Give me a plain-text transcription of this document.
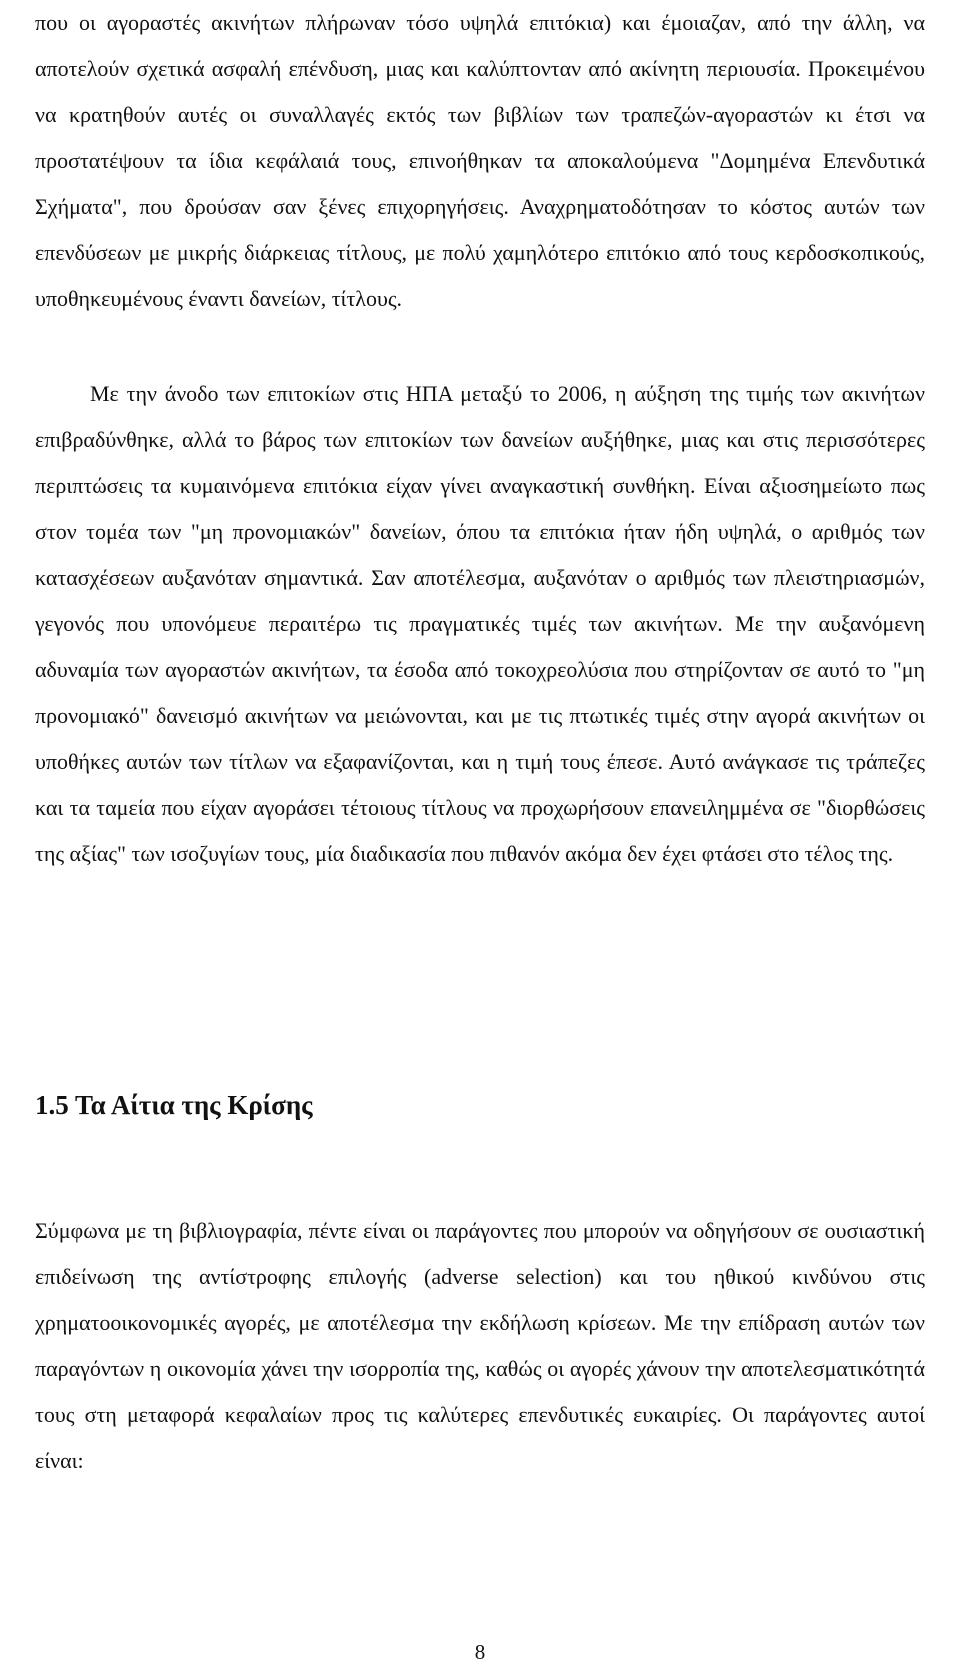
που οι αγοραστές ακινήτων πλήρωναν τόσο υψηλά επιτόκια) και έμοιαζαν, από την άλλη, να αποτελούν σχετικά ασφαλή επένδυση, μιας και καλύπτονταν από ακίνητη περιουσία. Προκειμένου να κρατηθούν αυτές οι συναλλαγές εκτός των βιβλίων των τραπεζών-αγοραστών κι έτσι να προστατέψουν τα ίδια κεφάλαιά τους, επινοήθηκαν τα αποκαλούμενα "Δομημένα Επενδυτικά Σχήματα", που δρούσαν σαν ξένες επιχορηγήσεις. Αναχρηματοδότησαν το κόστος αυτών των επενδύσεων με μικρής διάρκειας τίτλους, με πολύ χαμηλότερο επιτόκιο από τους κερδοσκοπικούς, υποθηκευμένους έναντι δανείων, τίτλους.

Με την άνοδο των επιτοκίων στις ΗΠΑ μεταξύ το 2006, η αύξηση της τιμής των ακινήτων επιβραδύνθηκε, αλλά το βάρος των επιτοκίων των δανείων αυξήθηκε, μιας και στις περισσότερες περιπτώσεις τα κυμαινόμενα επιτόκια είχαν γίνει αναγκαστική συνθήκη. Είναι αξιοσημείωτο πως στον τομέα των "μη προνομιακών" δανείων, όπου τα επιτόκια ήταν ήδη υψηλά, ο αριθμός των κατασχέσεων αυξανόταν σημαντικά. Σαν αποτέλεσμα, αυξανόταν ο αριθμός των πλειστηριασμών, γεγονός που υπονόμευε περαιτέρω τις πραγματικές τιμές των ακινήτων. Με την αυξανόμενη αδυναμία των αγοραστών ακινήτων, τα έσοδα από τοκοχρεολύσια που στηρίζονταν σε αυτό το "μη προνομιακό" δανεισμό ακινήτων να μειώνονται, και με τις πτωτικές τιμές στην αγορά ακινήτων οι υποθήκες αυτών των τίτλων να εξαφανίζονται, και η τιμή τους έπεσε. Αυτό ανάγκασε τις τράπεζες και τα ταμεία που είχαν αγοράσει τέτοιους τίτλους να προχωρήσουν επανειλημμένα σε "διορθώσεις της αξίας" των ισοζυγίων τους, μία διαδικασία που πιθανόν ακόμα δεν έχει φτάσει στο τέλος της.

1.5 Τα Αίτια της Κρίσης

Σύμφωνα με τη βιβλιογραφία, πέντε είναι οι παράγοντες που μπορούν να οδηγήσουν σε ουσιαστική επιδείνωση της αντίστροφης επιλογής (adverse selection) και του ηθικού κινδύνου στις χρηματοοικονομικές αγορές, με αποτέλεσμα την εκδήλωση κρίσεων. Με την επίδραση αυτών των παραγόντων η οικονομία χάνει την ισορροπία της, καθώς οι αγορές χάνουν την αποτελεσματικότητά τους στη μεταφορά κεφαλαίων προς τις καλύτερες επενδυτικές ευκαιρίες. Οι παράγοντες αυτοί είναι:

8
